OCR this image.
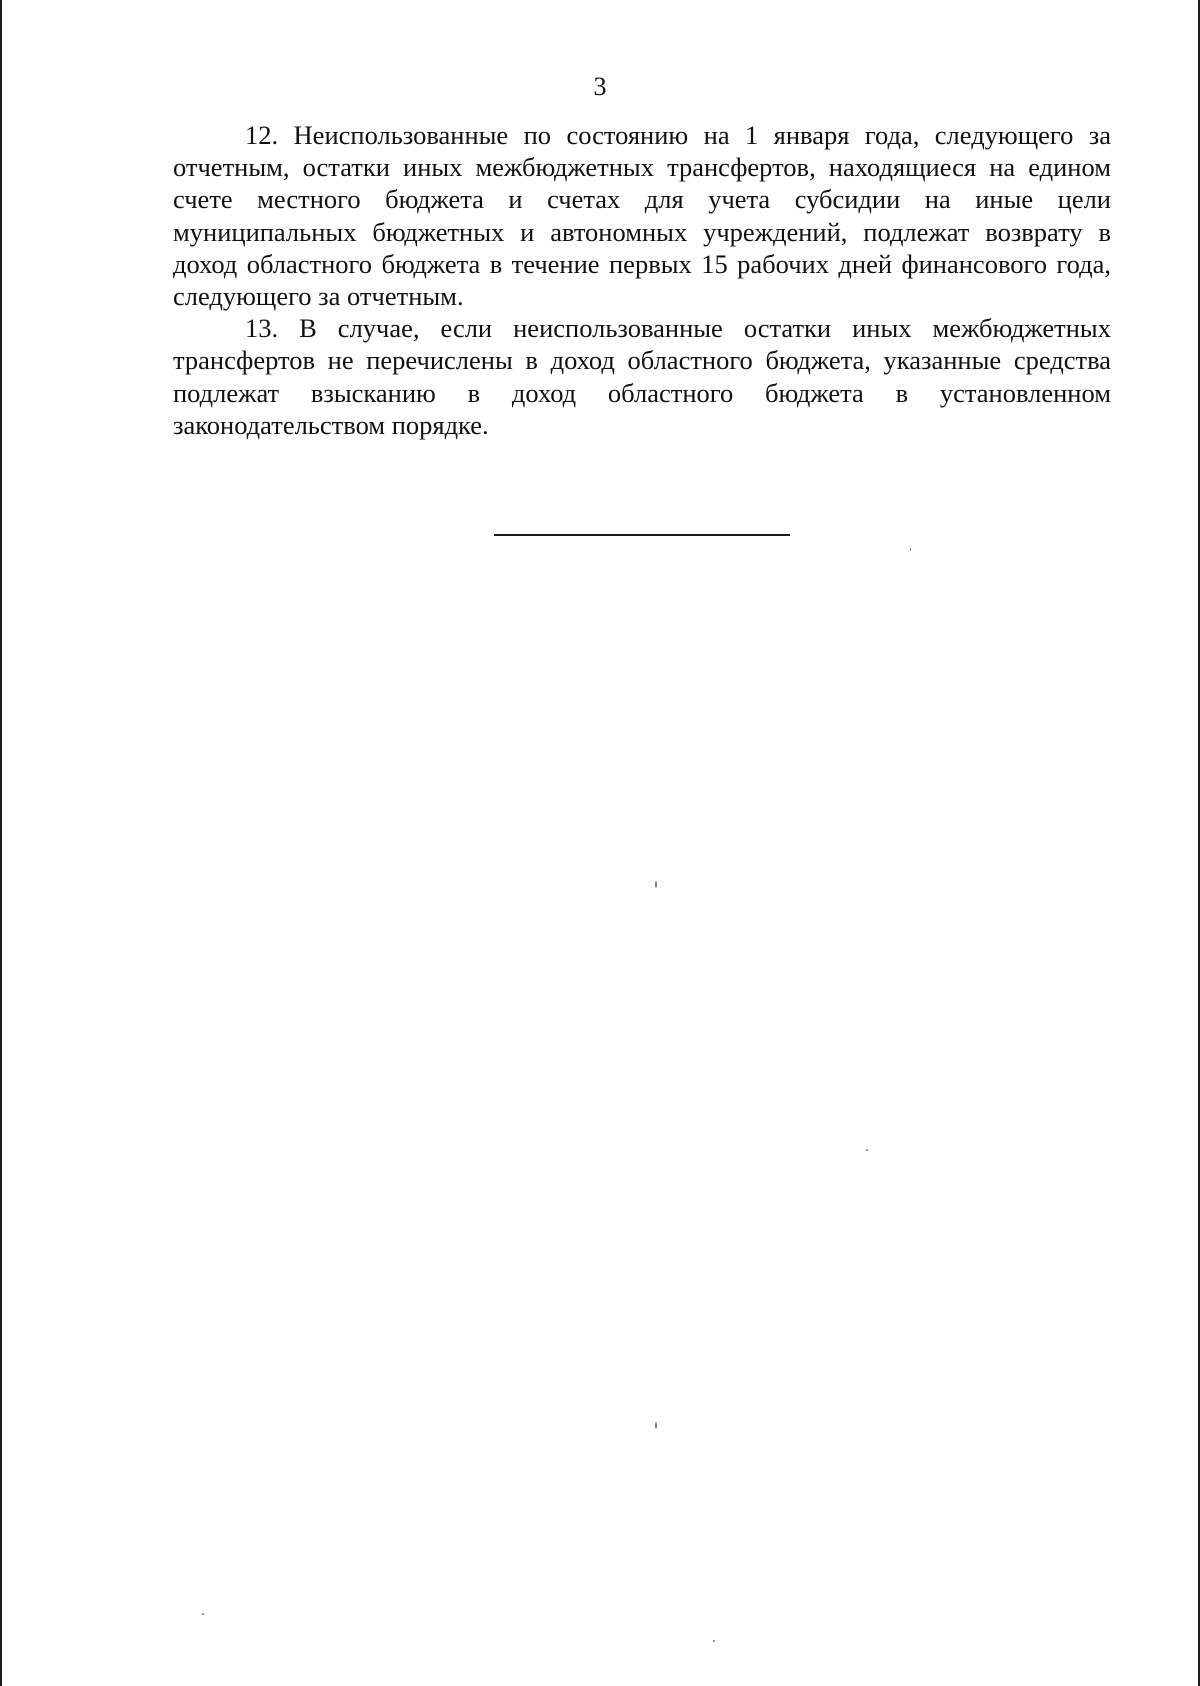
3

12. Неиспользованные по состоянию на 1 января года, следующего за отчетным, остатки иных межбюджетных трансфертов, находящиеся на едином счете местного бюджета и счетах для учета субсидии на иные цели муниципальных бюджетных и автономных учреждений, подлежат возврату в доход областного бюджета в течение первых 15 рабочих дней финансового года, следующего за отчетным.

13. В случае, если неиспользованные остатки иных межбюджетных трансфертов не перечислены в доход областного бюджета, указанные средства подлежат взысканию в доход областного бюджета в установленном законодательством порядке.
